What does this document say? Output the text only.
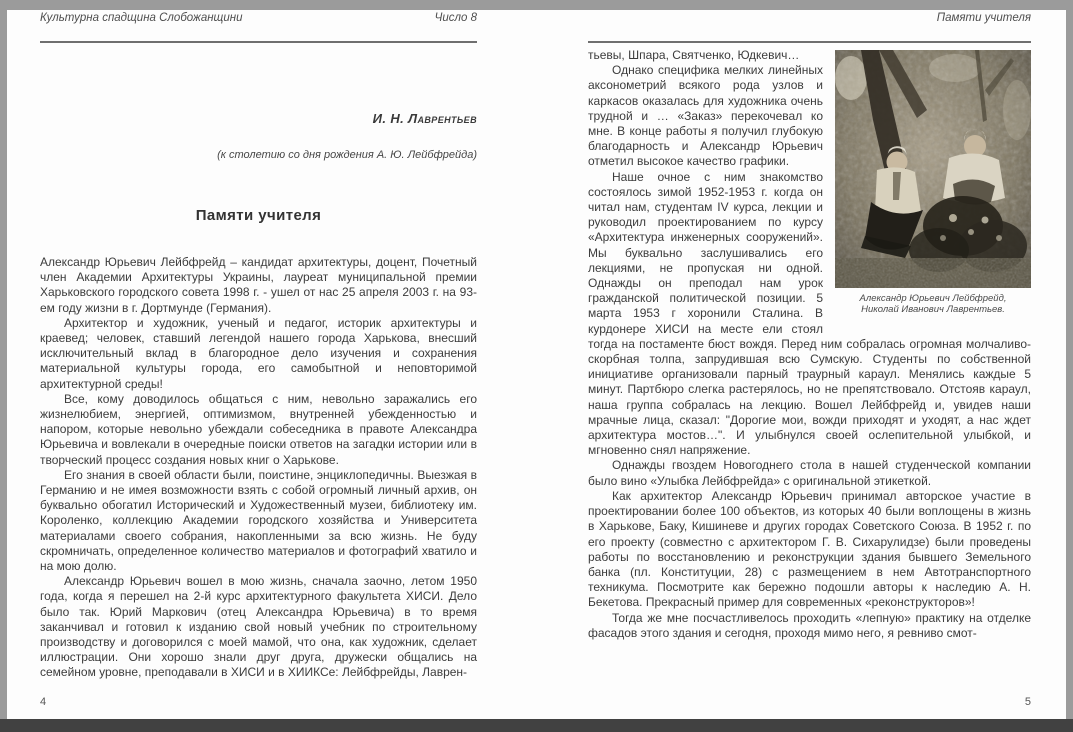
Культурна спадщина Слобожанщини	Число 8
И. Н. Лаврентьев
(к столетию со дня рождения А. Ю. Лейбфрейда)
Памяти учителя

Александр Юрьевич Лейбфрейд – кандидат архитектуры, доцент, Почетный член Академии Архитектуры Украины, лауреат муниципальной премии Харьковского городского совета 1998 г. - ушел от нас 25 апреля 2003 г. на 93-ем году жизни в г. Дортмунде (Германия).

Архитектор и художник, ученый и педагог, историк архитектуры и краевед; человек, ставший легендой нашего города Харькова, внесший исключительный вклад в благородное дело изучения и сохранения материальной культуры города, его самобытной и неповторимой архитектурной среды!

Все, кому доводилось общаться с ним, невольно заражались его жизнелюбием, энергией, оптимизмом, внутренней убежденностью и напором, которые невольно убеждали собеседника в правоте Александра Юрьевича и вовлекали в очередные поиски ответов на загадки истории или в творческий процесс создания новых книг о Харькове.

Его знания в своей области были, поистине, энциклопедичны. Выезжая в Германию и не имея возможности взять с собой огромный личный архив, он буквально обогатил Исторический и Художественный музеи, библиотеку им. Короленко, коллекцию Академии городского хозяйства и Университета материалами своего собрания, накопленными за всю жизнь. Не буду скромничать, определенное количество материалов и фотографий хватило и на мою долю.

Александр Юрьевич вошел в мою жизнь, сначала заочно, летом 1950 года, когда я перешел на 2-й курс архитектурного факультета ХИСИ. Дело было так. Юрий Маркович (отец Александра Юрьевича) в то время заканчивал и готовил к изданию свой новый учебник по строительному производству и договорился с моей мамой, что она, как художник, сделает иллюстрации. Они хорошо знали друг друга, дружески общались на семейном уровне, преподавали в ХИСИ и в ХИИКСе: Лейбфрейды, Лаврен-

4
Памяти учителя
Александр Юрьевич Лейбфрейд,
Николай Иванович Лаврентьев.

тьевы, Шпара, Святченко, Юдкевич…

Однако специфика мелких линейных аксонометрий всякого рода узлов и каркасов оказалась для художника очень трудной и … «Заказ» перекочевал ко мне. В конце работы я получил глубокую благодарность и Александр Юрьевич отметил высокое качество графики.

Наше очное с ним знакомство состоялось зимой 1952-1953 г. когда он читал нам, студентам IV курса, лекции и руководил проектированием по курсу «Архитектура инженерных сооружений». Мы буквально заслушивались его лекциями, не пропуская ни одной. Однажды он преподал нам урок гражданской политической позиции. 5 марта 1953 г хоронили Сталина. В курдонере ХИСИ на месте ели стоял тогда на постаменте бюст вождя. Перед ним собралась огромная молчаливо-скорбная толпа, запрудившая всю Сумскую. Студенты по собственной инициативе организовали парный траурный караул. Менялись каждые 5 минут. Партбюро слегка растерялось, но не препятствовало. Отстояв караул, наша группа собралась на лекцию. Вошел Лейбфрейд и, увидев наши мрачные лица, сказал: "Дорогие мои, вожди приходят и уходят, а нас ждет архитектура мостов…". И улыбнулся своей ослепительной улыбкой, и мгновенно снял напряжение.

Однажды гвоздем Новогоднего стола в нашей студенческой компании было вино «Улыбка Лейбфрейда» с оригинальной этикеткой.

Как архитектор Александр Юрьевич принимал авторское участие в проектировании более 100 объектов, из которых 40 были воплощены в жизнь в Харькове, Баку, Кишиневе и других городах Советского Союза. В 1952 г. по его проекту (совместно с архитектором Г. В. Сихарулидзе) были проведены работы по восстановлению и реконструкции здания бывшего Земельного банка (пл. Конституции, 28) с размещением в нем Автотранспортного техникума. Посмотрите как бережно подошли авторы к наследию А. Н. Бекетова. Прекрасный пример для современных «реконструкторов»!

Тогда же мне посчастливелось проходить «лепную» практику на отделке фасадов этого здания и сегодня, проходя мимо него, я ревниво смот-

5
